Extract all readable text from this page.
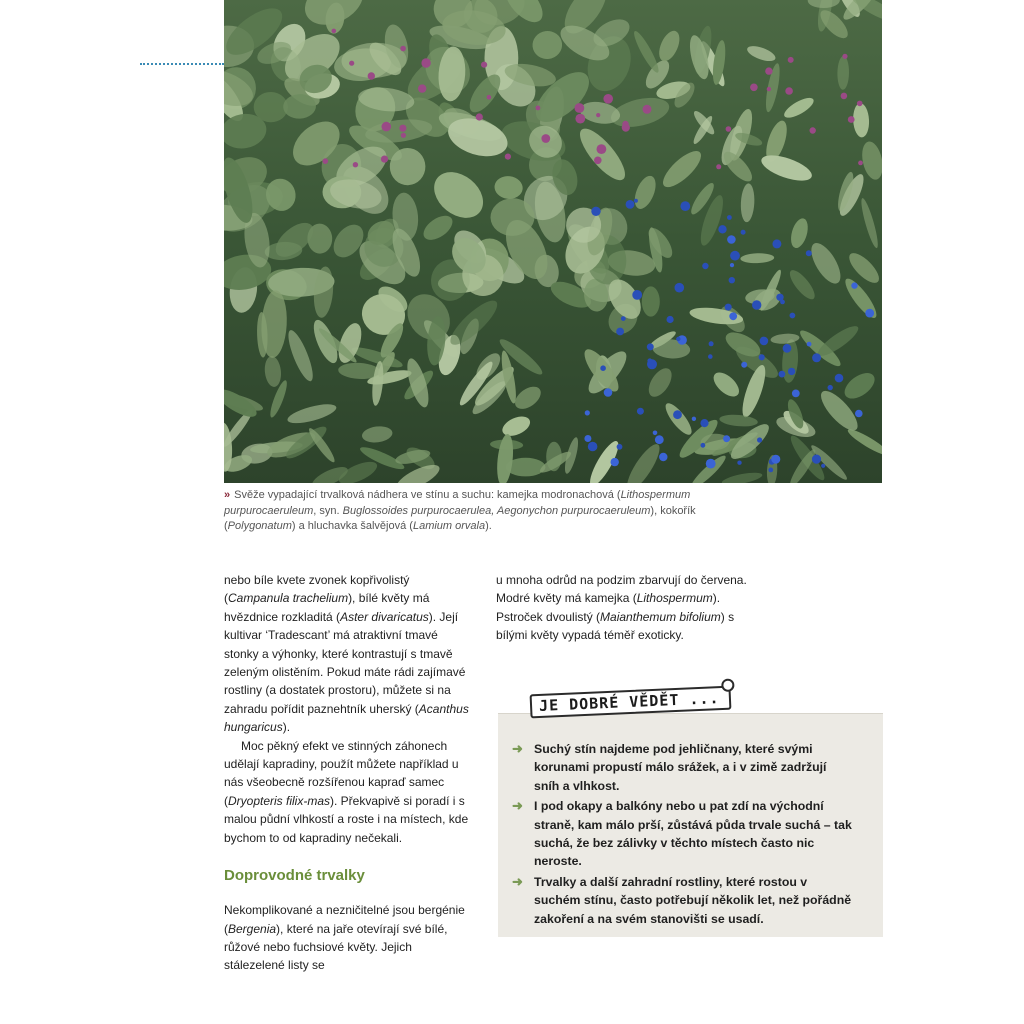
» Svěže vypadající trvalková nádhera ve stínu a suchu: kamejka modronachová (Lithospermum purpurocaeruleum, syn. Buglossoides purpurocaerulea, Aegonychon purpurocaeruleum), kokořík (Polygonatum) a hluchavka šalvějová (Lamium orvala).

nebo bíle kvete zvonek kopřivolistý (Campanula trachelium), bílé květy má hvězdnice rozkladitá (Aster divaricatus). Její kultivar ‘Tradescant’ má atraktivní tmavé stonky a výhonky, které kontrastují s tmavě zeleným olistěním. Pokud máte rádi zajímavé rostliny (a dostatek prostoru), můžete si na zahradu pořídit paznehtník uherský (Acanthus hungaricus).

Moc pěkný efekt ve stinných záhonech udělají kapradiny, použít můžete například u nás všeobecně rozšířenou kapraď samec (Dryopteris filix-mas). Překvapivě si poradí i s malou půdní vlhkostí a roste i na místech, kde bychom to od kapradiny nečekali.

Doprovodné trvalky

Nekomplikované a nezničitelné jsou bergénie (Bergenia), které na jaře otevírají své bílé, růžové nebo fuchsiové květy. Jejich stálezelené listy se

u mnoha odrůd na podzim zbarvují do červena. Modré květy má kamejka (Lithospermum). Pstroček dvoulistý (Maianthemum bifolium) s bílými květy vypadá téměř exoticky.

JE DOBRÉ VĚDĚT ...
➜ Suchý stín najdeme pod jehličnany, které svými korunami propustí málo srážek, a i v zimě zadržují sníh a vlhkost.
➜ I pod okapy a balkóny nebo u pat zdí na východní straně, kam málo prší, zůstává půda trvale suchá – tak suchá, že bez zálivky v těchto místech často nic neroste.
➜ Trvalky a další zahradní rostliny, které rostou v suchém stínu, často potřebují několik let, než pořádně zakoření a na svém stanovišti se usadí.
